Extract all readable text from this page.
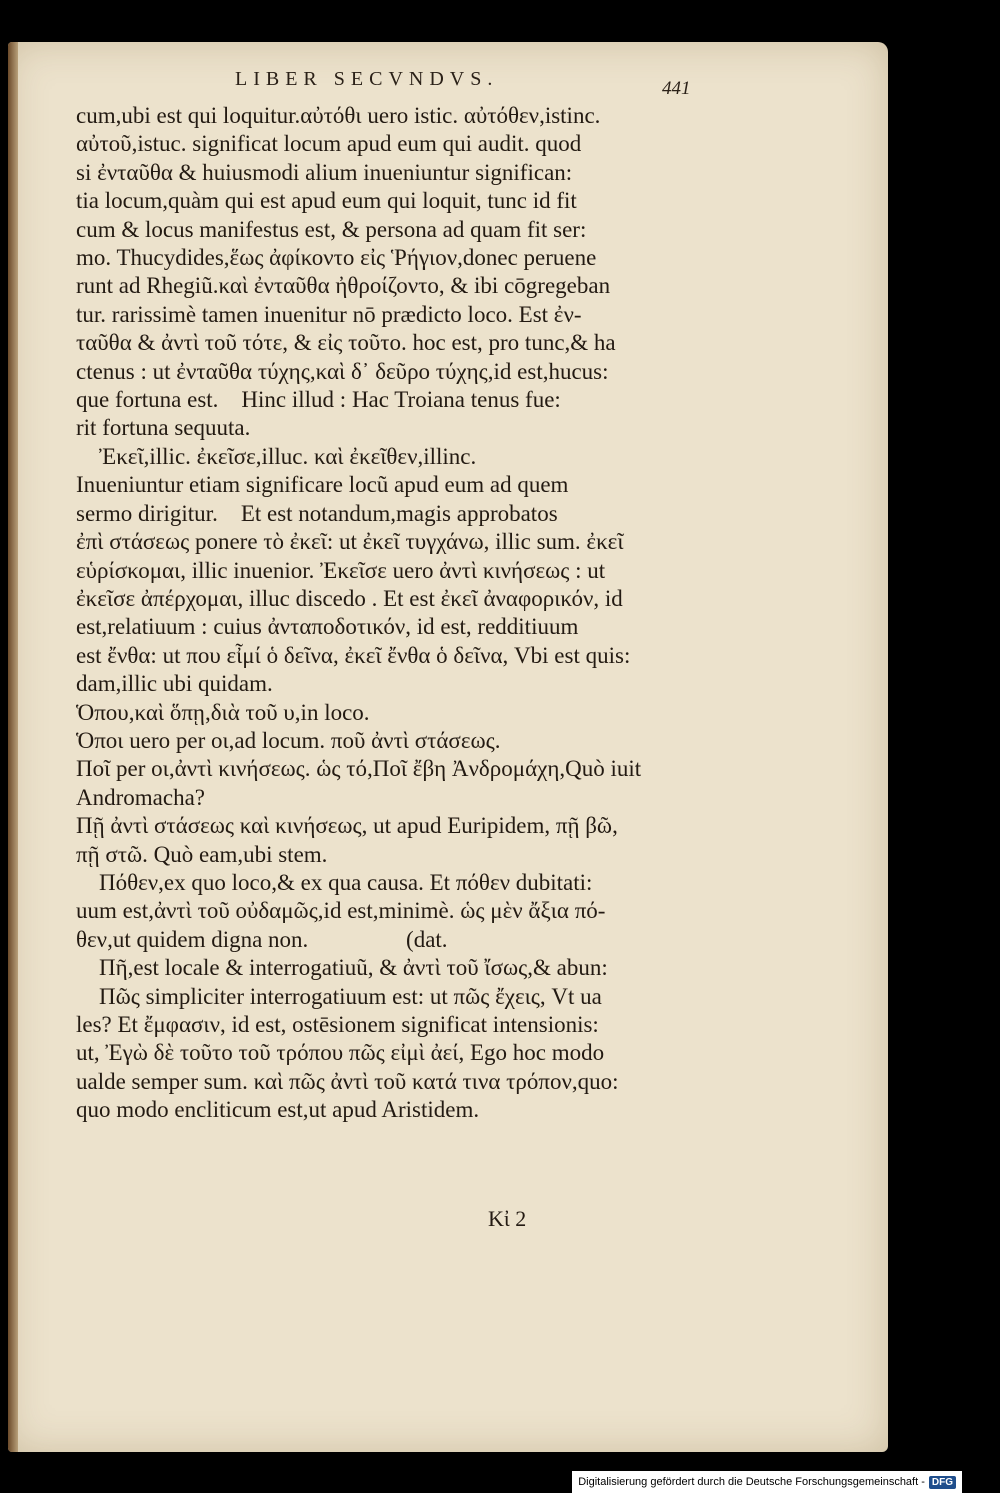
LIBER SECVNDVS.	441
cum,ubi est qui loquitur.αὐτόθι uero istic. αὐτόθεν,istinc.
αὐτοῦ,istuc. significat locum apud eum qui audit. quod
si ἐνταῦθα & huiusmodi alium inueniuntur significan:
tia locum,quàm qui est apud eum qui loquit, tunc id fit
cum & locus manifestus est, & persona ad quam fit ser:
mo. Thucydides,ἕως ἀφίκοντο εἰς Ῥήγιον,donec peruene
runt ad Rhegiũ.καὶ ἐνταῦθα ἠθροίζοντο, & ibi cōgregeban
tur. rarissimè tamen inuenitur nō prædicto loco. Est ἐν-
ταῦθα & ἀντὶ τοῦ τότε, & εἰς τοῦτο. hoc est, pro tunc,& ha
ctenus : ut ἐνταῦθα τύχης,καὶ δ᾽ δεῦρο τύχης,id est,hucus:
que fortuna est.    Hinc illud : Hac Troiana tenus fue:
rit fortuna sequuta.
Ἐκεῖ,illic. ἐκεῖσε,illuc. καὶ ἐκεῖθεν,illinc.
Inueniuntur etiam significare locũ apud eum ad quem
sermo dirigitur.    Et est notandum,magis approbatos
ἐπὶ στάσεως ponere τὸ ἐκεῖ: ut ἐκεῖ τυγχάνω, illic sum. ἐκεῖ
εὑρίσκομαι, illic inuenior. Ἐκεῖσε uero ἀντὶ κινήσεως : ut
ἐκεῖσε ἀπέρχομαι, illuc discedo . Et est ἐκεῖ ἀναφορικόν, id
est,relatiuum : cuius ἀνταποδοτικόν, id est, redditiuum
est ἔνθα: ut που εἶμί ὁ δεῖνα, ἐκεῖ ἔνθα ὁ δεῖνα, Vbi est quis:
dam,illic ubi quidam.
Ὁπου,καὶ ὅπῃ,διὰ τοῦ υ,in loco.
Ὁποι uero per οι,ad locum. ποῦ ἀντὶ στάσεως.
Ποῖ per οι,ἀντὶ κινήσεως. ὡς τό,Ποῖ ἔβη Ἀνδρομάχη,Quò iuit
Andromacha?
Πῇ ἀντὶ στάσεως καὶ κινήσεως, ut apud Euripidem, πῇ βῶ,
πῇ στῶ. Quò eam,ubi stem.
Πόθεν,ex quo loco,& ex qua causa. Et πόθεν dubitati:
uum est,ἀντὶ τοῦ οὐδαμῶς,id est,minimè. ὡς μὲν ἄξια πό-
θεν,ut quidem digna non.                 (dat.
Πῆ,est locale & interrogatiuũ, & ἀντὶ τοῦ ἴσως,& abun:
Πῶς simpliciter interrogatiuum est: ut πῶς ἔχεις, Vt ua
les? Et ἔμφασιν, id est, ostēsionem significat intensionis:
ut, Ἐγὼ δὲ τοῦτο τοῦ τρόπου πῶς εἰμὶ ἀεί, Ego hoc modo
ualde semper sum. καὶ πῶς ἀντὶ τοῦ κατά τινα τρόπον,quo:
quo modo encliticum est,ut apud Aristidem.
Kἰ 2
Digitalisierung gefördert durch die Deutsche Forschungsgemeinschaft - DFG
